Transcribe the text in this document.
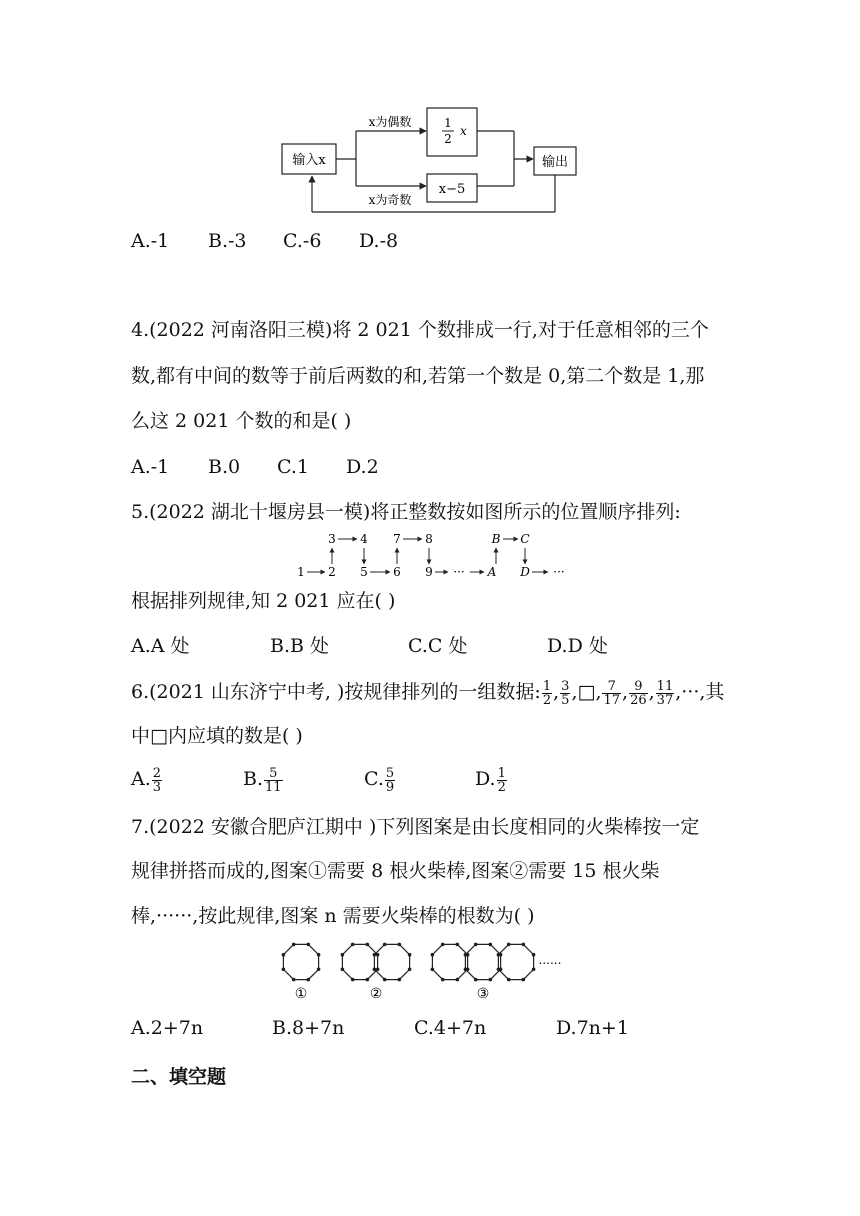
输入x
x为偶数
x为奇数
1
2
x
x−5
输出
A.-1 B.-3 C.-6 D.-8
4.(2022 河南洛阳三模)将 2 021 个数排成一行,对于任意相邻的三个
数,都有中间的数等于前后两数的和,若第一个数是 0,第二个数是 1,那
么这 2 021 个数的和是( )
A.-1 B.0 C.1 D.2
5.(2022 湖北十堰房县一模)将正整数按如图所示的位置顺序排列:
3 4 7 8	B C
1 2 5 6 9 ··· A D ···
根据排列规律,知 2 021 应在( )
A.A 处	B.B 处	C.C 处	D.D 处
6.(2021 山东济宁中考, )按规律排列的一组数据: $\frac{1}{2}$ , $\frac{3}{5}$ ,□, $\frac{7}{17}$ , $\frac{9}{26}$ , $\frac{11}{37}$ ,···,其
中□内应填的数是( )
A. $\frac{2}{3}$	B. $\frac{5}{11}$	C. $\frac{5}{9}$	D. $\frac{1}{2}$
7.(2022 安徽合肥庐江期中 )下列图案是由长度相同的火柴棒按一定
规律拼搭而成的,图案①需要 8 根火柴棒,图案②需要 15 根火柴
棒,······,按此规律,图案 n 需要火柴棒的根数为( )
①	②	③
......
A.2+7n	B.8+7n	C.4+7n	D.7n+1
二、填空题
